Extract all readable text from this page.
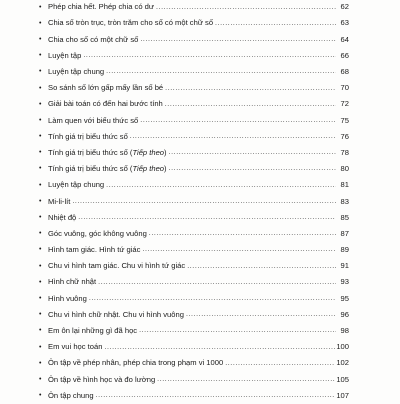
• Phép chia hết. Phép chia có dư .....	62
• Chia số tròn trục, tròn trăm cho số có một chữ số .....	63
• Chia cho số có một chữ số .....	64
• Luyện tập .....	66
• Luyện tập chung .....	68
• So sánh số lớn gấp mấy lần số bé .....	70
• Giải bài toán có đến hai bước tính .....	72
• Làm quen với biểu thức số .....	75
• Tính giá trị biểu thức số .....	76
• Tính giá trị biểu thức số (Tiếp theo) .....	78
• Tính giá trị biểu thức số (Tiếp theo) .....	80
• Luyện tập chung .....	81
• Mi-li-lít .....	83
• Nhiệt độ .....	85
• Góc vuông, góc không vuông .....	87
• Hình tam giác. Hình tứ giác .....	89
• Chu vi hình tam giác. Chu vi hình tứ giác .....	91
• Hình chữ nhật .....	93
• Hình vuông .....	95
• Chu vi hình chữ nhật. Chu vi hình vuông .....	96
• Em ôn lại những gì đã học .....	98
• Em vui học toán .....	100
• Ôn tập về phép nhân, phép chia trong phạm vi 1000 .....	102
• Ôn tập về hình học và đo lường .....	105
• Ôn tập chung .....	107
